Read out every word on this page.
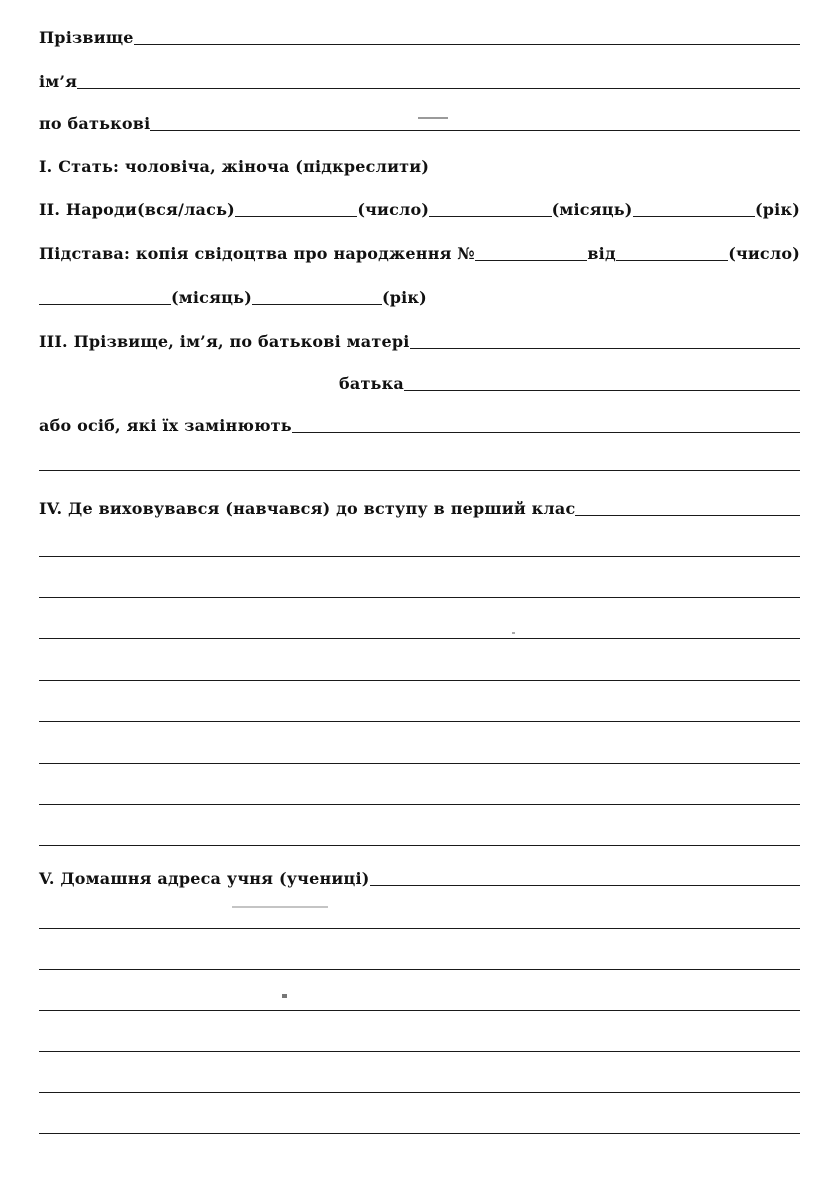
Прізвище
ім’я
по батькові
I. Стать: чоловіча, жіноча (підкреслити)
II. Народи(вся/лась)	(число)	(місяць)	(рік)
Підстава: копія свідоцтва про народження №	від	(число)
(місяць)	(рік)
III. Прізвище, ім’я, по батькові матері
батька
або осіб, які їх замінюють
IV. Де виховувався (навчався) до вступу в перший клас
V. Домашня адреса учня (учениці)
